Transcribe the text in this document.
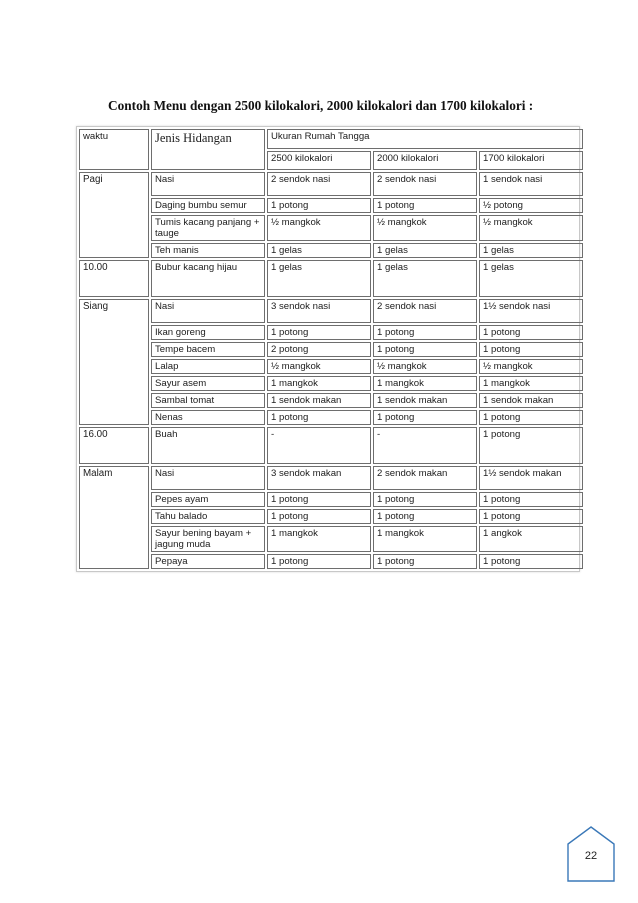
Contoh Menu dengan 2500 kilokalori, 2000 kilokalori dan 1700 kilokalori :
waktu	Jenis Hidangan	Ukuran Rumah Tangga		
		2500 kilokalori	2000 kilokalori	1700 kilokalori
Pagi	Nasi	2 sendok nasi	2 sendok nasi	1 sendok nasi
	Daging bumbu semur	1 potong	1 potong	½ potong
	Tumis kacang panjang + tauge	½ mangkok	½ mangkok	½ mangkok
	Teh manis	1 gelas	1 gelas	1 gelas
10.00	Bubur kacang hijau	1 gelas	1 gelas	1 gelas
Siang	Nasi	3 sendok nasi	2 sendok nasi	1½ sendok nasi
	Ikan goreng	1 potong	1 potong	1 potong
	Tempe bacem	2 potong	1 potong	1 potong
	Lalap	½ mangkok	½ mangkok	½ mangkok
	Sayur asem	1 mangkok	1 mangkok	1 mangkok
	Sambal tomat	1 sendok makan	1 sendok makan	1 sendok makan
	Nenas	1 potong	1 potong	1 potong
16.00	Buah	-	-	1 potong
Malam	Nasi	3 sendok makan	2 sendok makan	1½ sendok makan
	Pepes ayam	1 potong	1 potong	1 potong
	Tahu balado	1 potong	1 potong	1 potong
	Sayur bening bayam + jagung muda	1 mangkok	1 mangkok	1 angkok
	Pepaya	1 potong	1 potong	1 potong
22
